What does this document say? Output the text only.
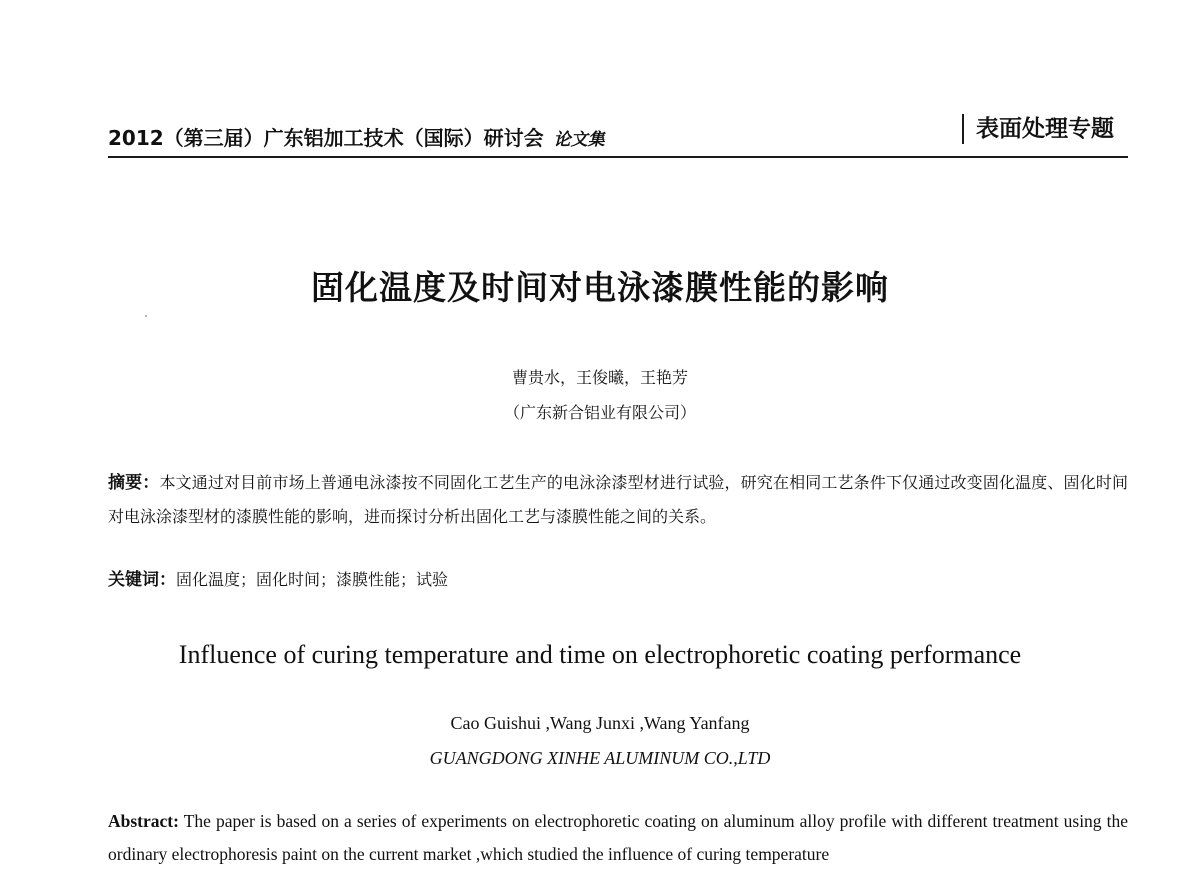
2012（第三届）广东铝加工技术（国际）研讨会 论文集	表面处理专题
固化温度及时间对电泳漆膜性能的影响
曹贵水，王俊曦，王艳芳
（广东新合铝业有限公司）
摘要：本文通过对目前市场上普通电泳漆按不同固化工艺生产的电泳涂漆型材进行试验，研究在相同工艺条件下仅通过改变固化温度、固化时间对电泳涂漆型材的漆膜性能的影响，进而探讨分析出固化工艺与漆膜性能之间的关系。
关键词：固化温度；固化时间；漆膜性能；试验
Influence of curing temperature and time on electrophoretic coating performance
Cao Guishui ,Wang Junxi ,Wang Yanfang
GUANGDONG XINHE ALUMINUM CO.,LTD
Abstract: The paper is based on a series of experiments on electrophoretic coating on aluminum alloy profile with different treatment using the ordinary electrophoresis paint on the current market ,which studied the influence of curing temperature
